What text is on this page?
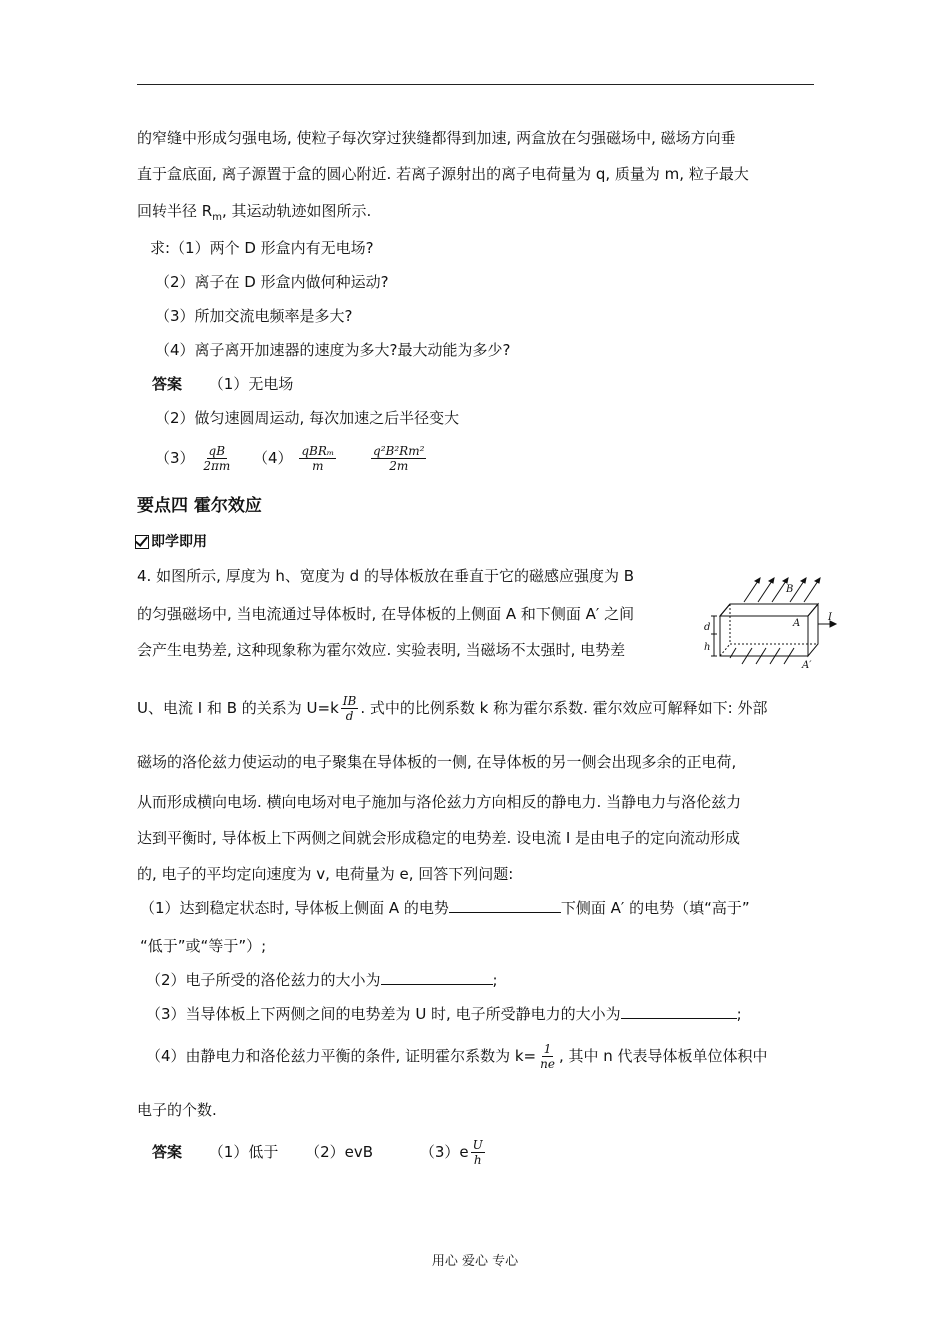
的窄缝中形成匀强电场, 使粒子每次穿过狭缝都得到加速, 两盒放在匀强磁场中, 磁场方向垂
直于盒底面, 离子源置于盒的圆心附近. 若离子源射出的离子电荷量为 q, 质量为 m, 粒子最大
回转半径 $R_m$, 其运动轨迹如图所示.
求:（1）两个 D 形盒内有无电场?
（2）离子在 D 形盒内做何种运动?
（3）所加交流电频率是多大?
（4）离子离开加速器的速度为多大?最大动能为多少?
答案 （1）无电场
（2）做匀速圆周运动, 每次加速之后半径变大
$(3) \frac{qB}{2\pi m} (4) \frac{\text{qBRₘ}}{m}$
	$\frac{\text{q²B²Rm²}}{2m}$
要点四 霍尔效应
即学即用
4. 如图所示, 厚度为 h、宽度为 d 的导体板放在垂直于它的磁感应强度为 B
的匀强磁场中, 当电流通过导体板时, 在导体板的上侧面 A 和下侧面 A′ 之间
会产生电势差, 这种现象称为霍尔效应. 实验表明, 当磁场不太强时, 电势差
U、电流 I 和 B 的关系为 $U=k \frac{IB}{d}$ . 式中的比例系数 k 称为霍尔系数. 霍尔效应可解释如下: 外部
磁场的洛伦兹力使运动的电子聚集在导体板的一侧, 在导体板的另一侧会出现多余的正电荷,
从而形成横向电场. 横向电场对电子施加与洛伦兹力方向相反的静电力. 当静电力与洛伦兹力
达到平衡时, 导体板上下两侧之间就会形成稳定的电势差. 设电流 I 是由电子的定向流动形成
的, 电子的平均定向速度为 v, 电荷量为 e, 回答下列问题:
（1）达到稳定状态时, 导体板上侧面 A 的电势	下侧面 A′ 的电势（填“高于”
“低于”或“等于”）;
（2）电子所受的洛伦兹力的大小为	;
（3）当导体板上下两侧之间的电势差为 U 时, 电子所受静电力的大小为	;
（4）由静电力和洛伦兹力平衡的条件, 证明霍尔系数为 $k= \frac{1}{ne}$ , 其中 n 代表导体板单位体积中
电子的个数.
答案 （1）低于 （2）evB	$(3)e \frac{U}{h}$
B
I
A
A′
d
h
用心 爱心 专心
